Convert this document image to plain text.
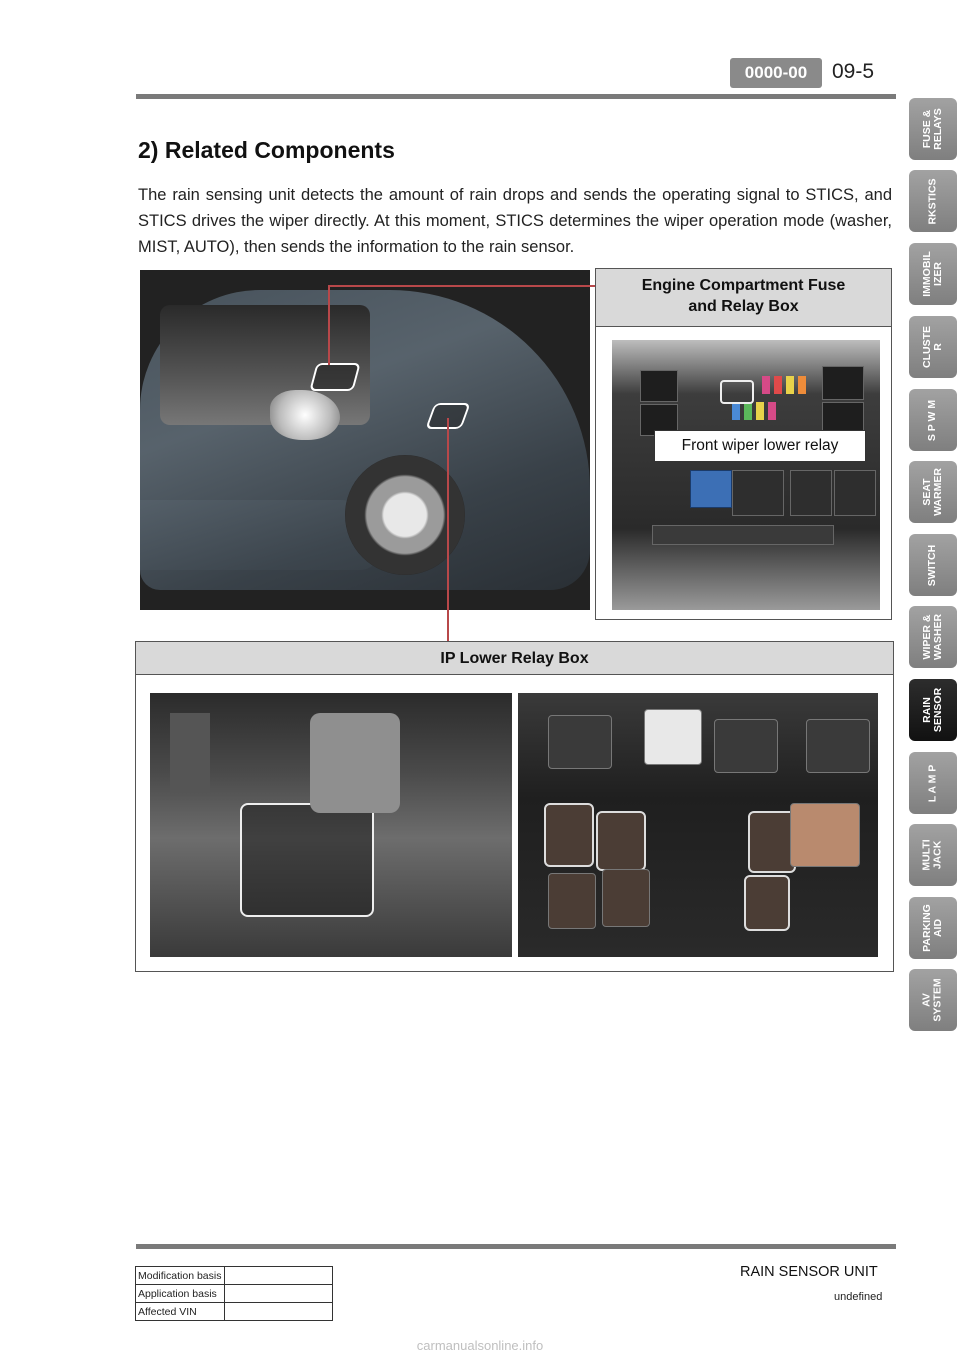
0000-00	09-5
2) Related Components
The rain sensing unit detects the amount of rain drops and sends the operating signal to STICS, and STICS drives the wiper directly. At this moment, STICS determines the wiper operation mode (washer, MIST, AUTO), then sends the information to the rain sensor.
Engine Compartment Fuse
and Relay Box
Front wiper lower relay
IP Lower Relay Box
FUSE &
RELAYS
RKSTICS
IMMOBIL
IZER
CLUSTE
R
S P W M
SEAT
WARMER
SWITCH
WIPER &
WASHER
RAIN
SENSOR
L A M P
MULTI
JACK
PARKING
AID
AV
SYSTEM
Modification basis	
Application basis	
Affected VIN	
RAIN SENSOR UNIT
undefined
carmanualsonline.info
